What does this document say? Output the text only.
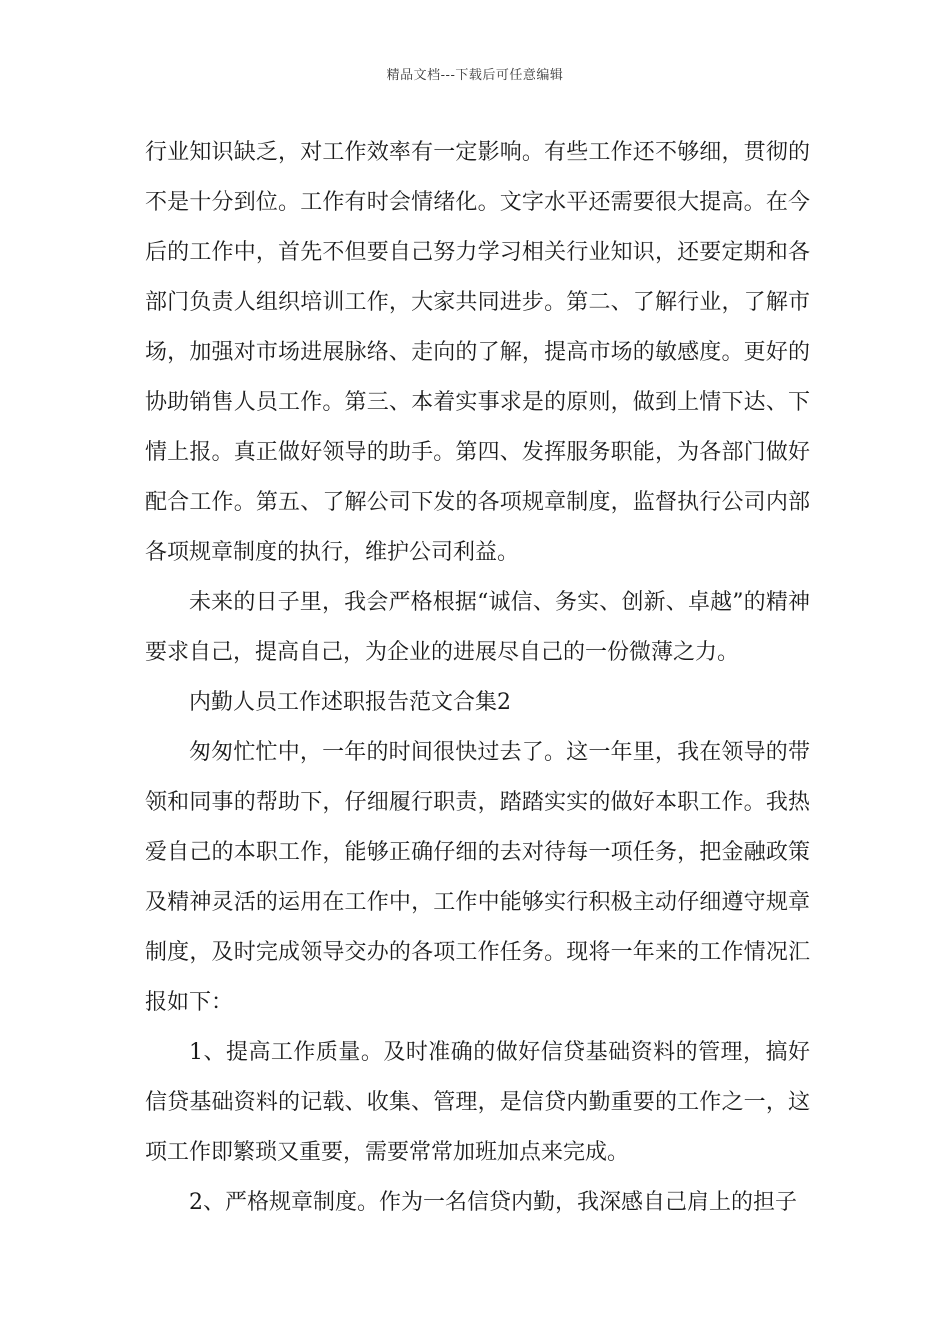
精品文档---下载后可任意编辑

行业知识缺乏，对工作效率有一定影响。有些工作还不够细，贯彻的不是十分到位。工作有时会情绪化。文字水平还需要很大提高。在今后的工作中，首先不但要自己努力学习相关行业知识，还要定期和各部门负责人组织培训工作，大家共同进步。第二、了解行业，了解市场，加强对市场进展脉络、走向的了解，提高市场的敏感度。更好的协助销售人员工作。第三、本着实事求是的原则，做到上情下达、下情上报。真正做好领导的助手。第四、发挥服务职能，为各部门做好配合工作。第五、了解公司下发的各项规章制度，监督执行公司内部各项规章制度的执行，维护公司利益。

未来的日子里，我会严格根据“诚信、务实、创新、卓越”的精神要求自己，提高自己，为企业的进展尽自己的一份微薄之力。

内勤人员工作述职报告范文合集2

匆匆忙忙中，一年的时间很快过去了。这一年里，我在领导的带领和同事的帮助下，仔细履行职责，踏踏实实的做好本职工作。我热爱自己的本职工作，能够正确仔细的去对待每一项任务，把金融政策及精神灵活的运用在工作中，工作中能够实行积极主动仔细遵守规章制度，及时完成领导交办的各项工作任务。现将一年来的工作情况汇报如下：

1、提高工作质量。及时准确的做好信贷基础资料的管理，搞好信贷基础资料的记载、收集、管理，是信贷内勤重要的工作之一，这项工作即繁琐又重要，需要常常加班加点来完成。

2、严格规章制度。作为一名信贷内勤，我深感自己肩上的担子
